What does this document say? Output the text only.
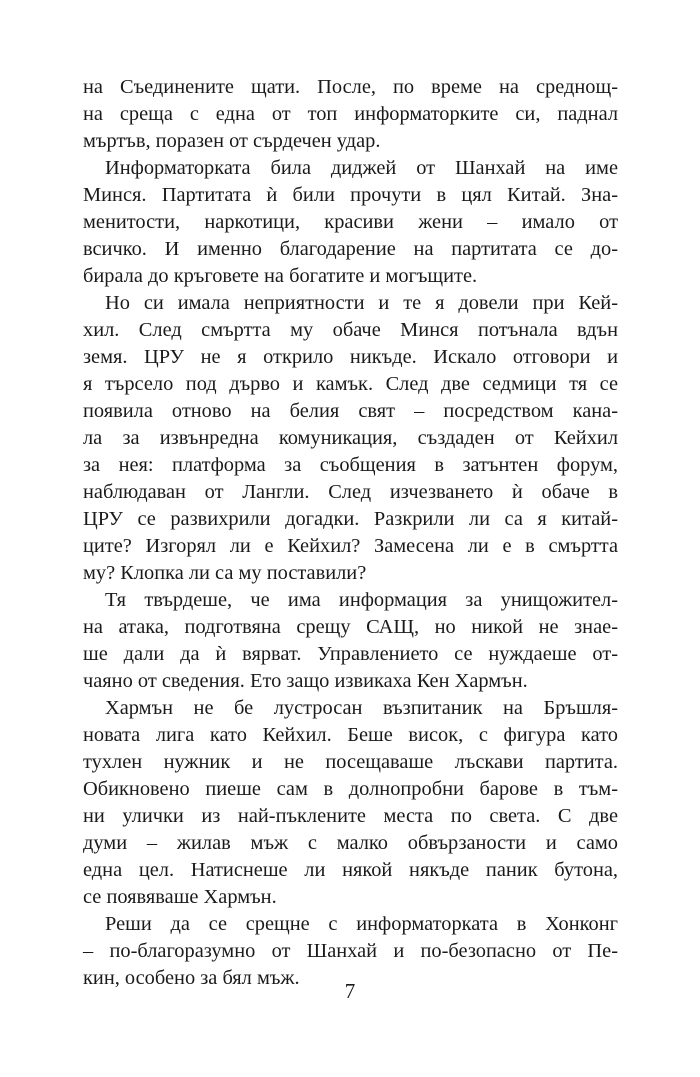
на Съединените щати. После, по време на среднощ-
на среща с една от топ информаторките си, паднал
мъртъв, поразен от сърдечен удар.
Информаторката била диджей от Шанхай на име
Минся. Партитата ѝ били прочути в цял Китай. Зна-
менитости, наркотици, красиви жени – имало от
всичко. И именно благодарение на партитата се до-
бирала до кръговете на богатите и могъщите.
Но си имала неприятности и те я довели при Кей-
хил. След смъртта му обаче Минся потънала вдън
земя. ЦРУ не я открило никъде. Искало отговори и
я търсело под дърво и камък. След две седмици тя се
появила отново на белия свят – посредством кана-
ла за извънредна комуникация, създаден от Кейхил
за нея: платформа за съобщения в затънтен форум,
наблюдаван от Лангли. След изчезването ѝ обаче в
ЦРУ се развихрили догадки. Разкрили ли са я китай-
ците? Изгорял ли е Кейхил? Замесена ли е в смъртта
му? Клопка ли са му поставили?
Тя твърдеше, че има информация за унищожител-
на атака, подготвяна срещу САЩ, но никой не знае-
ше дали да ѝ вярват. Управлението се нуждаеше от-
чаяно от сведения. Ето защо извикаха Кен Хармън.
Хармън не бе лустросан възпитаник на Бръшля-
новата лига като Кейхил. Беше висок, с фигура като
тухлен нужник и не посещаваше лъскави партита.
Обикновено пиеше сам в долнопробни барове в тъм-
ни улички из най-пъклените места по света. С две
думи – жилав мъж с малко обвързаности и само
една цел. Натиснеше ли някой някъде паник бутона,
се появяваше Хармън.
Реши да се срещне с информаторката в Хонконг
– по-благоразумно от Шанхай и по-безопасно от Пе-
кин, особено за бял мъж.
7
